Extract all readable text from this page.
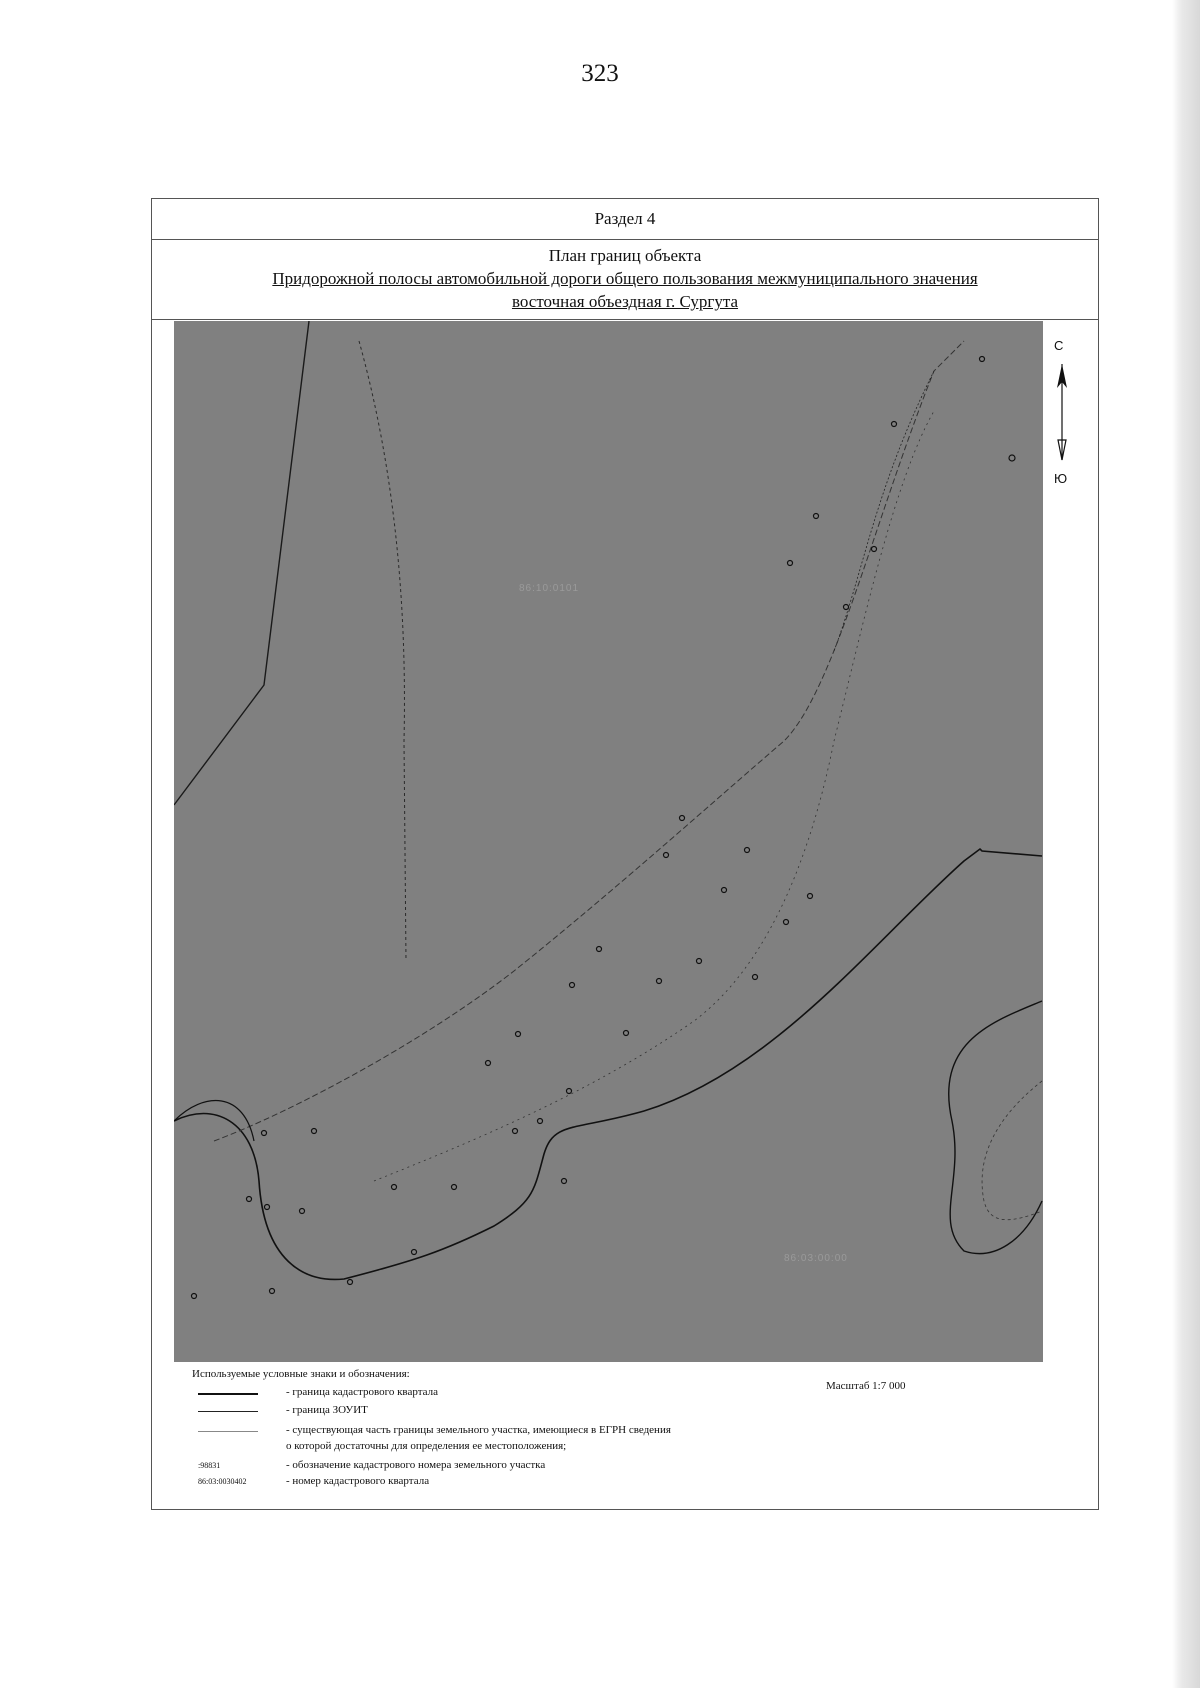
323
Раздел 4
План границ объекта
Придорожной полосы автомобильной дороги общего пользования межмуниципального значения
восточная объездная г. Сургута
86:10:0101
86:03:00:00
С
Ю
Используемые условные знаки и обозначения:
Масштаб 1:7 000
- граница кадастрового квартала
- граница ЗОУИТ
- существующая часть границы земельного участка, имеющиеся в ЕГРН сведения
о которой достаточны для определения ее местоположения;
:98831	- обозначение кадастрового номера земельного участка
86:03:0030402	- номер кадастрового квартала
